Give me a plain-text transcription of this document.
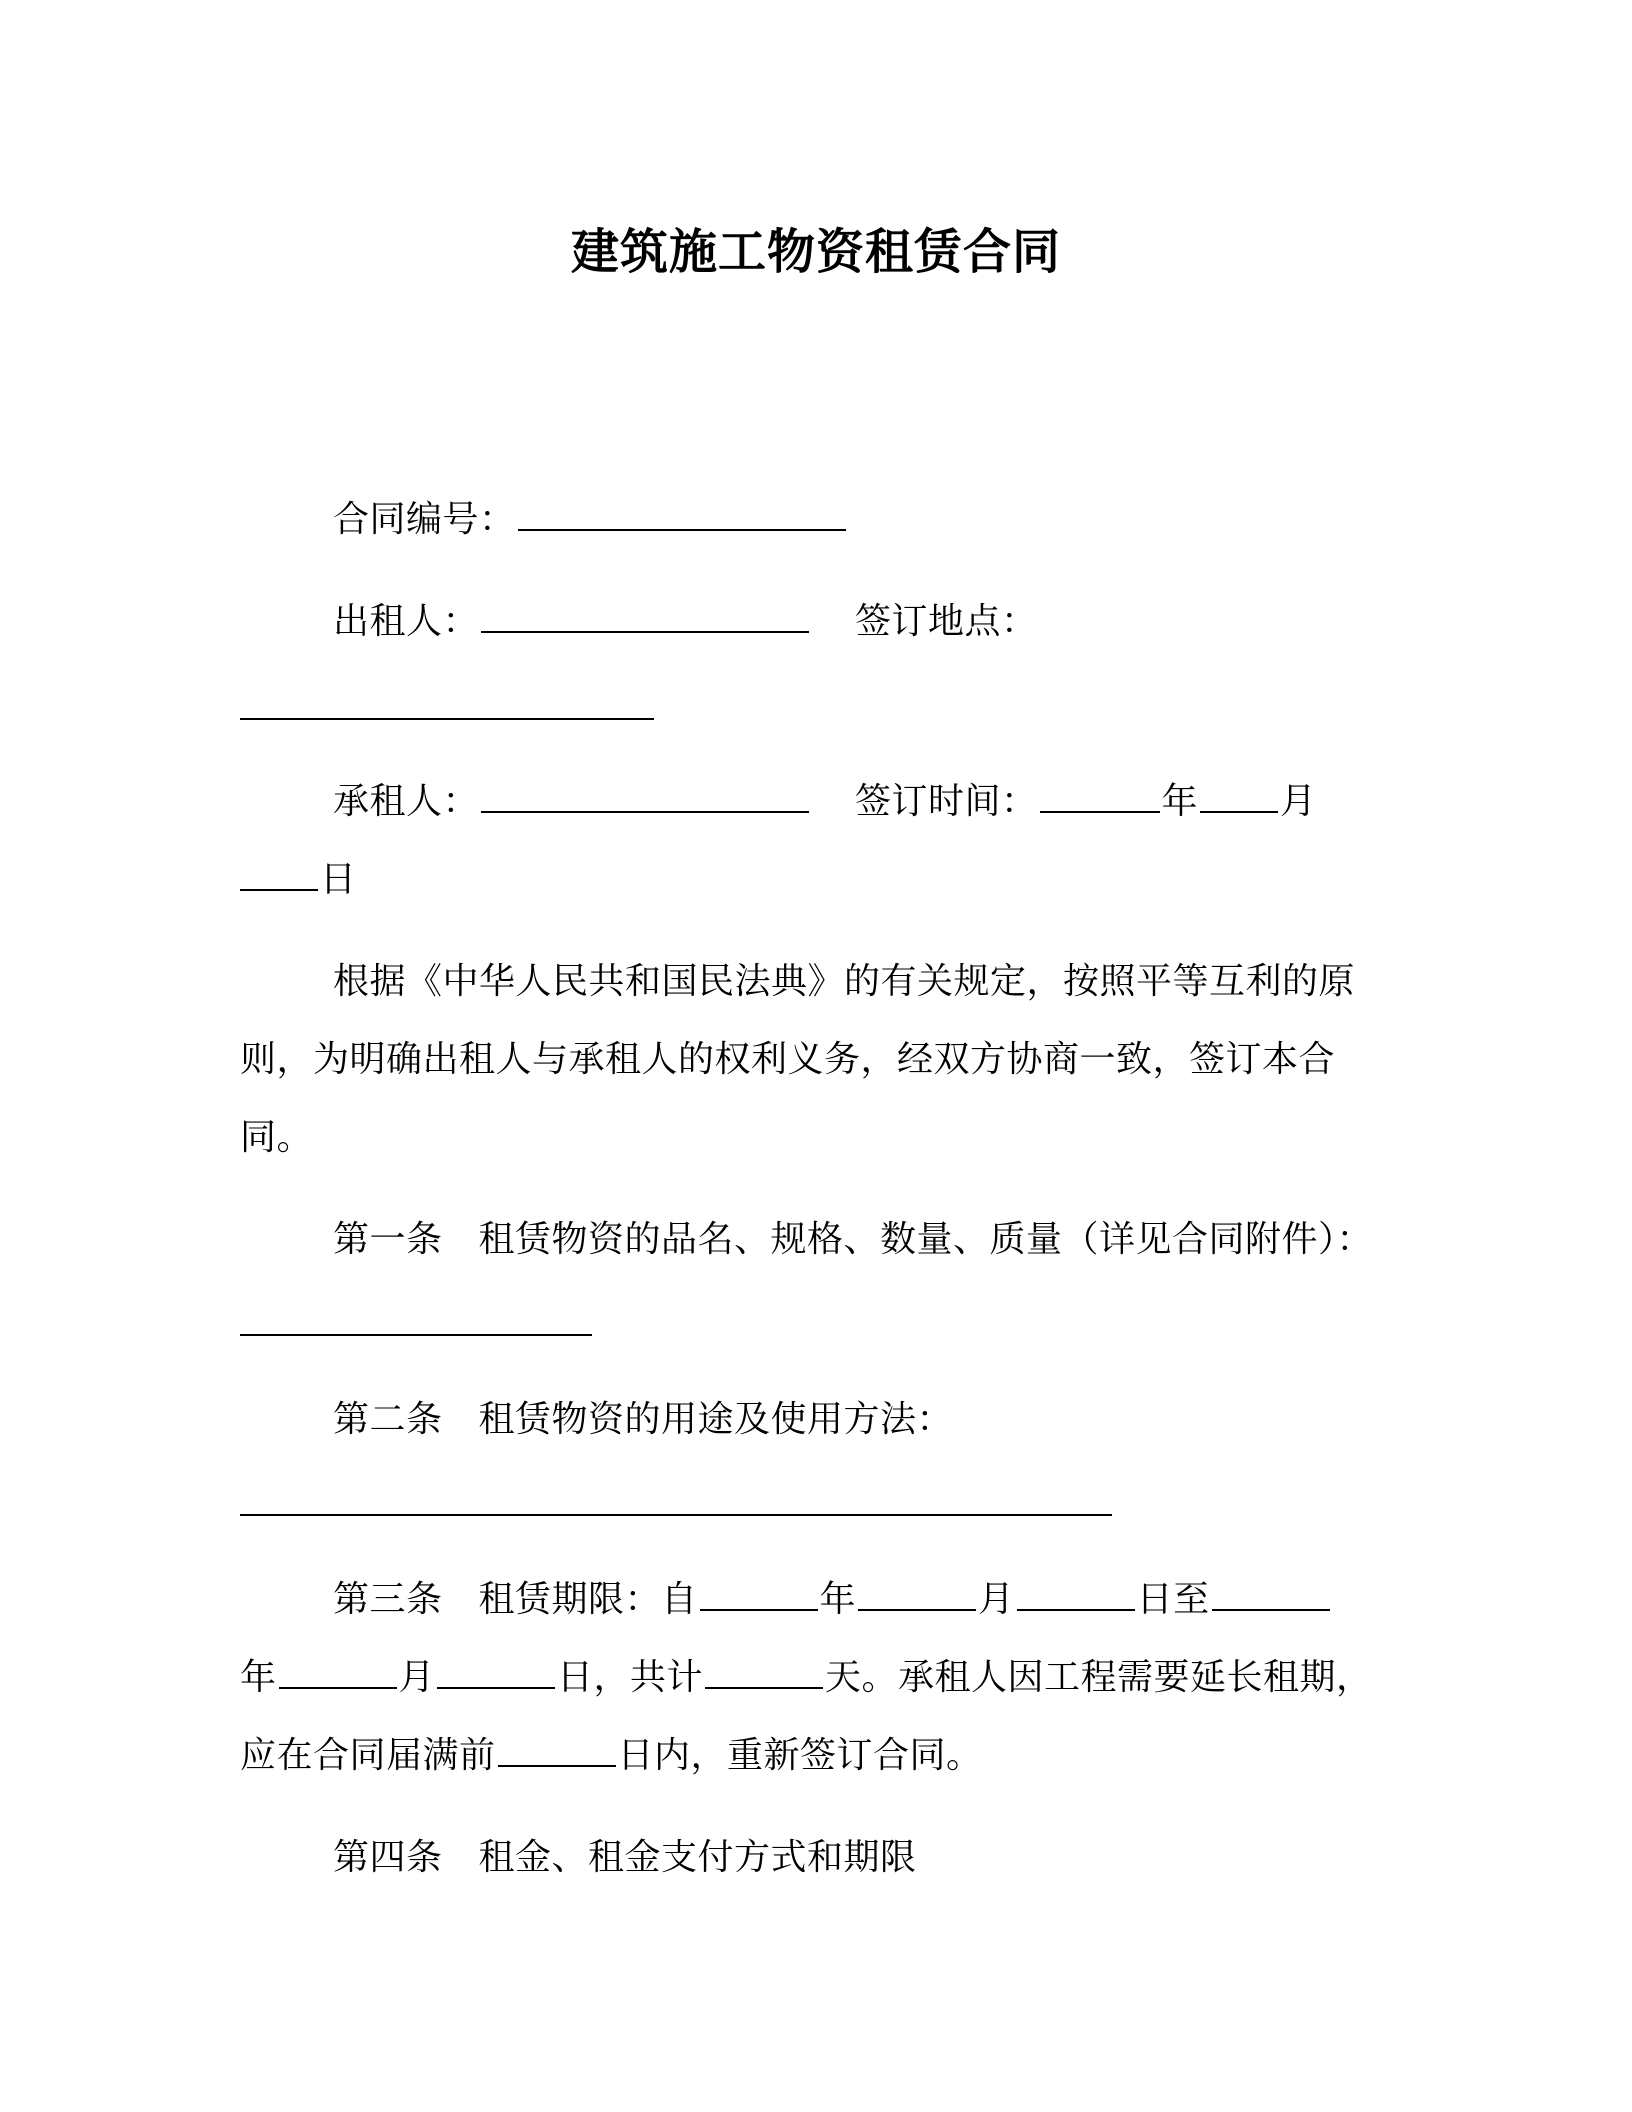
建筑施工物资租赁合同
合同编号：
出租人：	签订地点：
承租人：	签订时间：	年 月
日
根据《中华人民共和国民法典》的有关规定，按照平等互利的原
则，为明确出租人与承租人的权利义务，经双方协商一致，签订本合
同。
第一条 租赁物资的品名、规格、数量、质量（详见合同附件）：
第二条 租赁物资的用途及使用方法：
第三条 租赁期限：自	年	月	日至
年	月	日，共计	天。承租人因工程需要延长租期，
应在合同届满前	日内，重新签订合同。
第四条 租金、租金支付方式和期限
